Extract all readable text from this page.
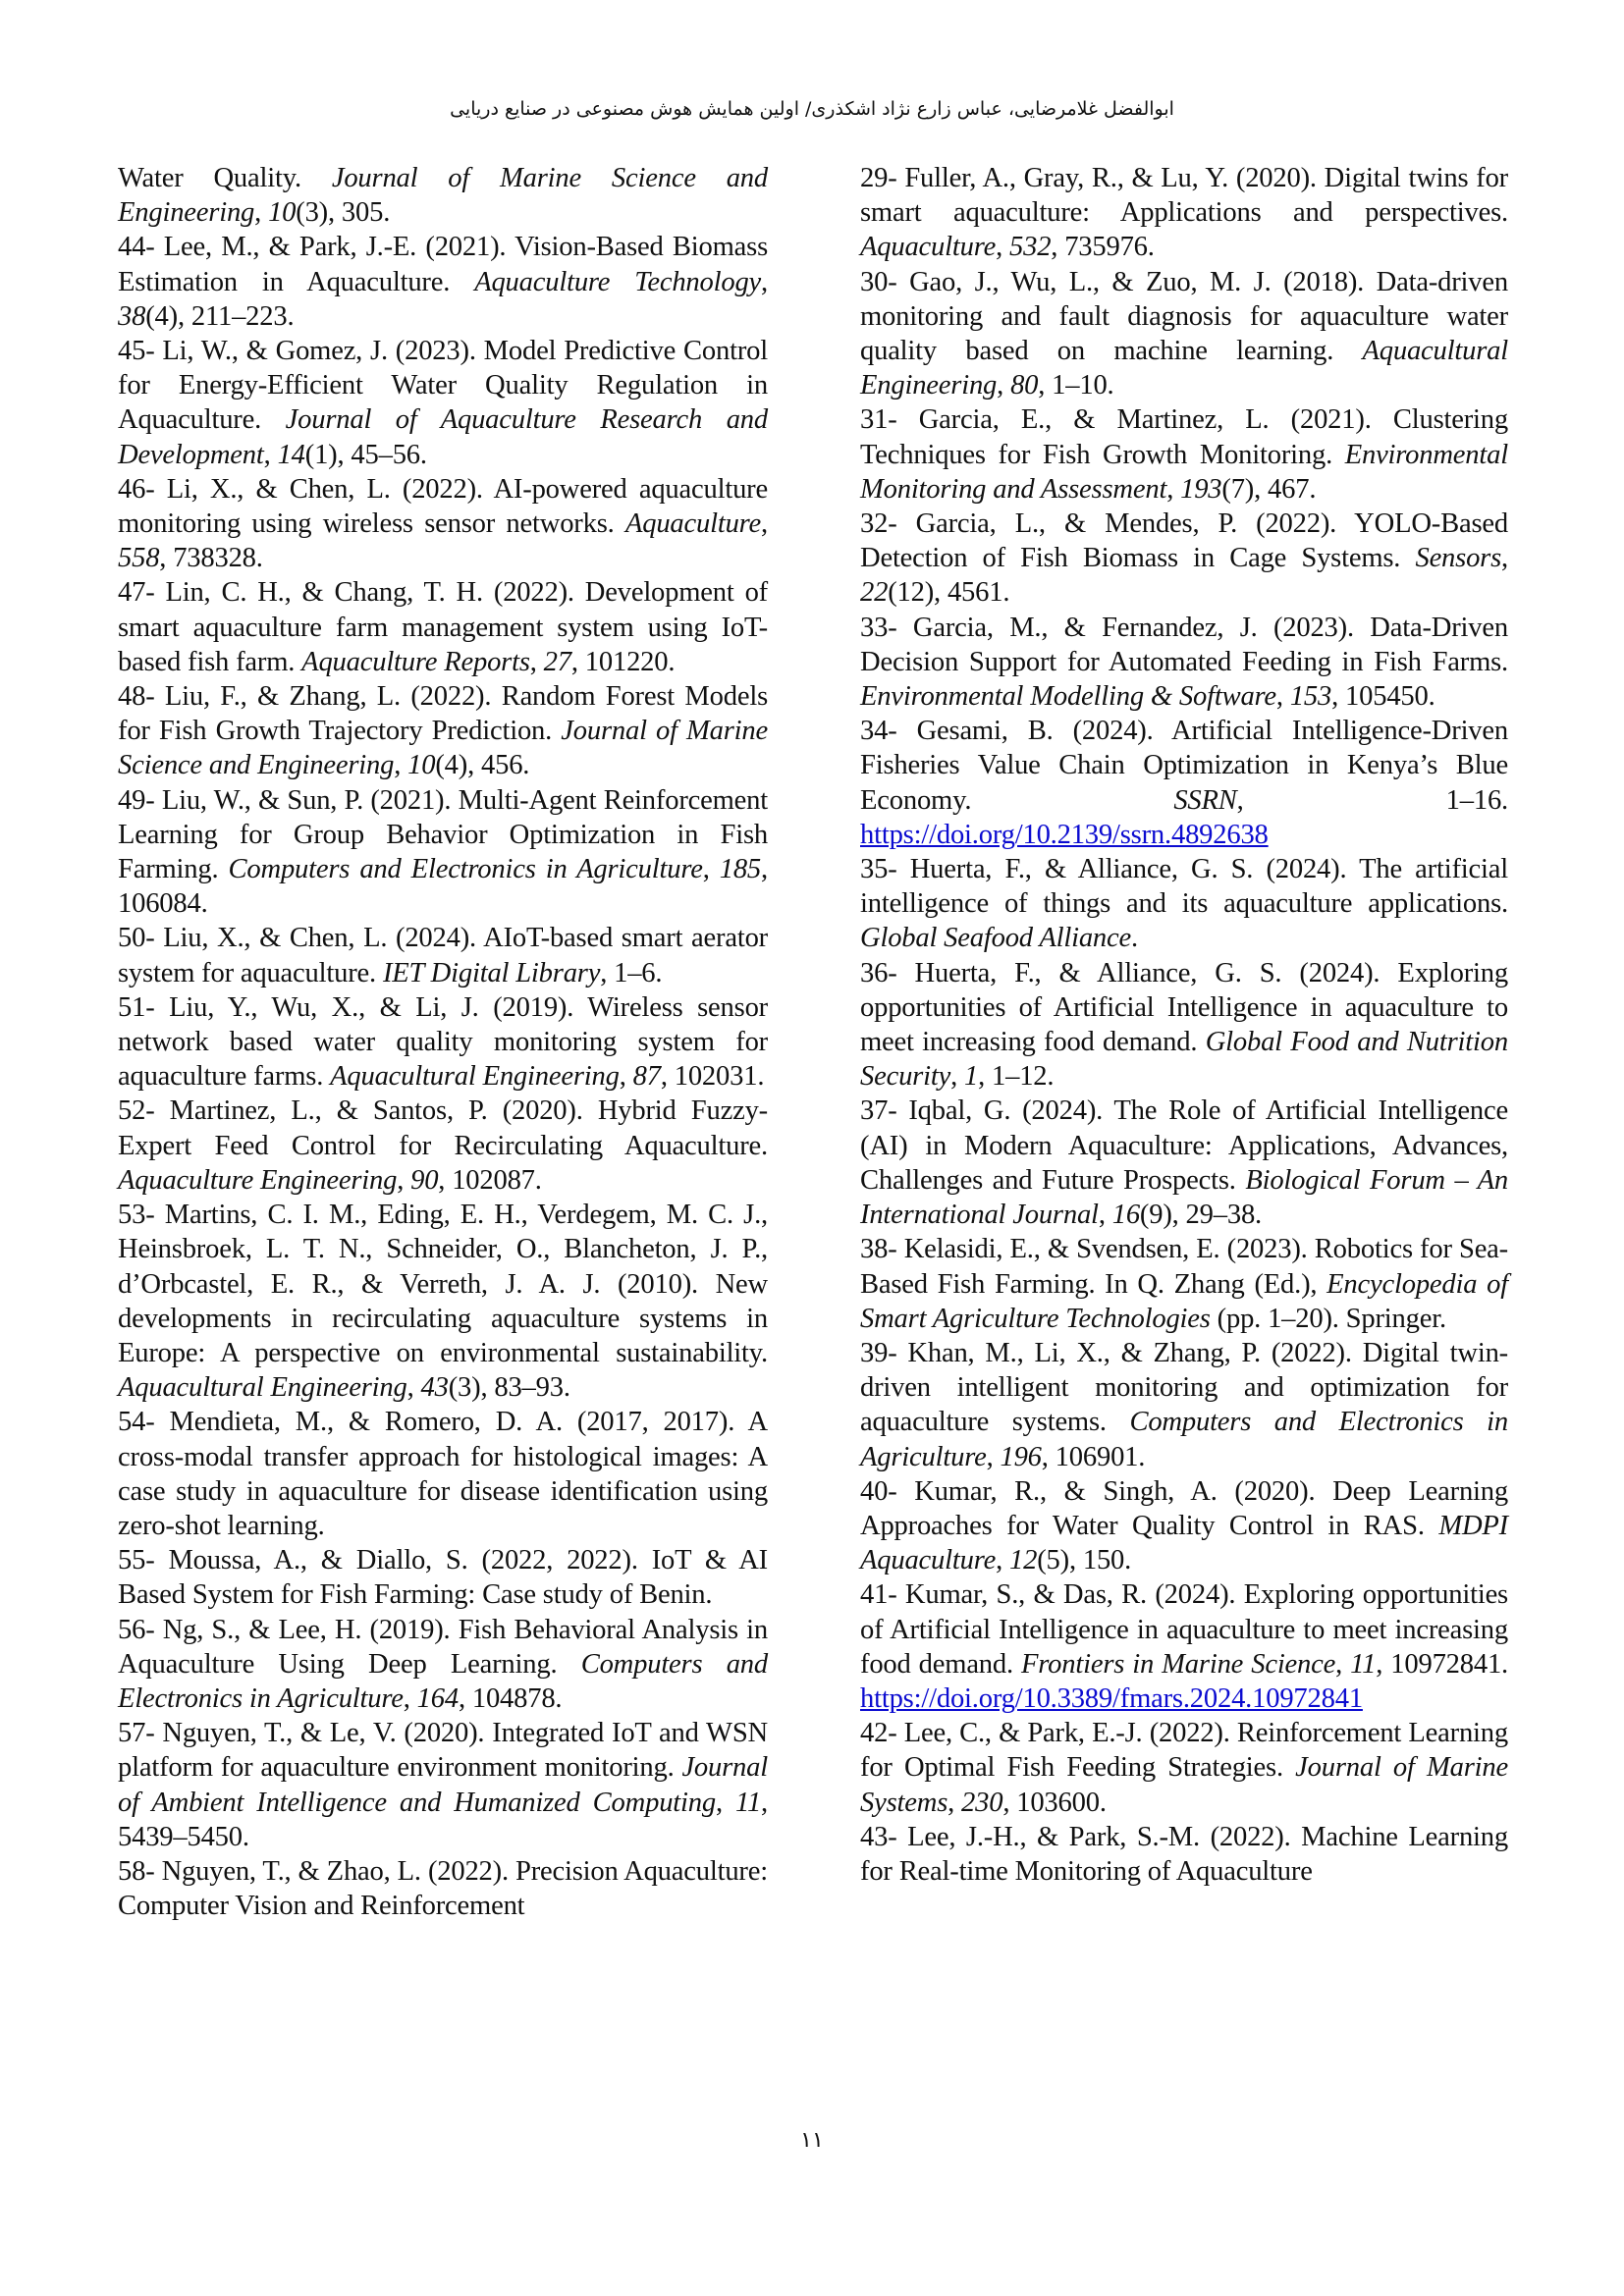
ابوالفضل غلامرضایی، عباس زارع نژاد اشکذری/ اولین همایش هوش مصنوعی در صنایع دریایی

Water Quality. Journal of Marine Science and Engineering, 10(3), 305.

44- Lee, M., & Park, J.-E. (2021). Vision-Based Biomass Estimation in Aquaculture. Aquaculture Technology, 38(4), 211–223.

45- Li, W., & Gomez, J. (2023). Model Predictive Control for Energy-Efficient Water Quality Regulation in Aquaculture. Journal of Aquaculture Research and Development, 14(1), 45–56.

46- Li, X., & Chen, L. (2022). AI-powered aquaculture monitoring using wireless sensor networks. Aquaculture, 558, 738328.

47- Lin, C. H., & Chang, T. H. (2022). Development of smart aquaculture farm management system using IoT-based fish farm. Aquaculture Reports, 27, 101220.

48- Liu, F., & Zhang, L. (2022). Random Forest Models for Fish Growth Trajectory Prediction. Journal of Marine Science and Engineering, 10(4), 456.

49- Liu, W., & Sun, P. (2021). Multi-Agent Reinforcement Learning for Group Behavior Optimization in Fish Farming. Computers and Electronics in Agriculture, 185, 106084.

50- Liu, X., & Chen, L. (2024). AIoT-based smart aerator system for aquaculture. IET Digital Library, 1–6.

51- Liu, Y., Wu, X., & Li, J. (2019). Wireless sensor network based water quality monitoring system for aquaculture farms. Aquacultural Engineering, 87, 102031.

52- Martinez, L., & Santos, P. (2020). Hybrid Fuzzy-Expert Feed Control for Recirculating Aquaculture. Aquaculture Engineering, 90, 102087.

53- Martins, C. I. M., Eding, E. H., Verdegem, M. C. J., Heinsbroek, L. T. N., Schneider, O., Blancheton, J. P., d’Orbcastel, E. R., & Verreth, J. A. J. (2010). New developments in recirculating aquaculture systems in Europe: A perspective on environmental sustainability. Aquacultural Engineering, 43(3), 83–93.

54- Mendieta, M., & Romero, D. A. (2017, 2017). A cross-modal transfer approach for histological images: A case study in aquaculture for disease identification using zero-shot learning.

55- Moussa, A., & Diallo, S. (2022, 2022). IoT & AI Based System for Fish Farming: Case study of Benin.

56- Ng, S., & Lee, H. (2019). Fish Behavioral Analysis in Aquaculture Using Deep Learning. Computers and Electronics in Agriculture, 164, 104878.

57- Nguyen, T., & Le, V. (2020). Integrated IoT and WSN platform for aquaculture environment monitoring. Journal of Ambient Intelligence and Humanized Computing, 11, 5439–5450.

58- Nguyen, T., & Zhao, L. (2022). Precision Aquaculture: Computer Vision and Reinforcement

29- Fuller, A., Gray, R., & Lu, Y. (2020). Digital twins for smart aquaculture: Applications and perspectives. Aquaculture, 532, 735976.

30- Gao, J., Wu, L., & Zuo, M. J. (2018). Data-driven monitoring and fault diagnosis for aquaculture water quality based on machine learning. Aquacultural Engineering, 80, 1–10.

31- Garcia, E., & Martinez, L. (2021). Clustering Techniques for Fish Growth Monitoring. Environmental Monitoring and Assessment, 193(7), 467.

32- Garcia, L., & Mendes, P. (2022). YOLO-Based Detection of Fish Biomass in Cage Systems. Sensors, 22(12), 4561.

33- Garcia, M., & Fernandez, J. (2023). Data-Driven Decision Support for Automated Feeding in Fish Farms. Environmental Modelling & Software, 153, 105450.

34- Gesami, B. (2024). Artificial Intelligence-Driven Fisheries Value Chain Optimization in Kenya’s Blue Economy. SSRN, 1–16. https://doi.org/10.2139/ssrn.4892638

35- Huerta, F., & Alliance, G. S. (2024). The artificial intelligence of things and its aquaculture applications. Global Seafood Alliance.

36- Huerta, F., & Alliance, G. S. (2024). Exploring opportunities of Artificial Intelligence in aquaculture to meet increasing food demand. Global Food and Nutrition Security, 1, 1–12.

37- Iqbal, G. (2024). The Role of Artificial Intelligence (AI) in Modern Aquaculture: Applications, Advances, Challenges and Future Prospects. Biological Forum – An International Journal, 16(9), 29–38.

38- Kelasidi, E., & Svendsen, E. (2023). Robotics for Sea-Based Fish Farming. In Q. Zhang (Ed.), Encyclopedia of Smart Agriculture Technologies (pp. 1–20). Springer.

39- Khan, M., Li, X., & Zhang, P. (2022). Digital twin-driven intelligent monitoring and optimization for aquaculture systems. Computers and Electronics in Agriculture, 196, 106901.

40- Kumar, R., & Singh, A. (2020). Deep Learning Approaches for Water Quality Control in RAS. MDPI Aquaculture, 12(5), 150.

41- Kumar, S., & Das, R. (2024). Exploring opportunities of Artificial Intelligence in aquaculture to meet increasing food demand. Frontiers in Marine Science, 11, 10972841. https://doi.org/10.3389/fmars.2024.10972841

42- Lee, C., & Park, E.-J. (2022). Reinforcement Learning for Optimal Fish Feeding Strategies. Journal of Marine Systems, 230, 103600.

43- Lee, J.-H., & Park, S.-M. (2022). Machine Learning for Real-time Monitoring of Aquaculture

۱۱
